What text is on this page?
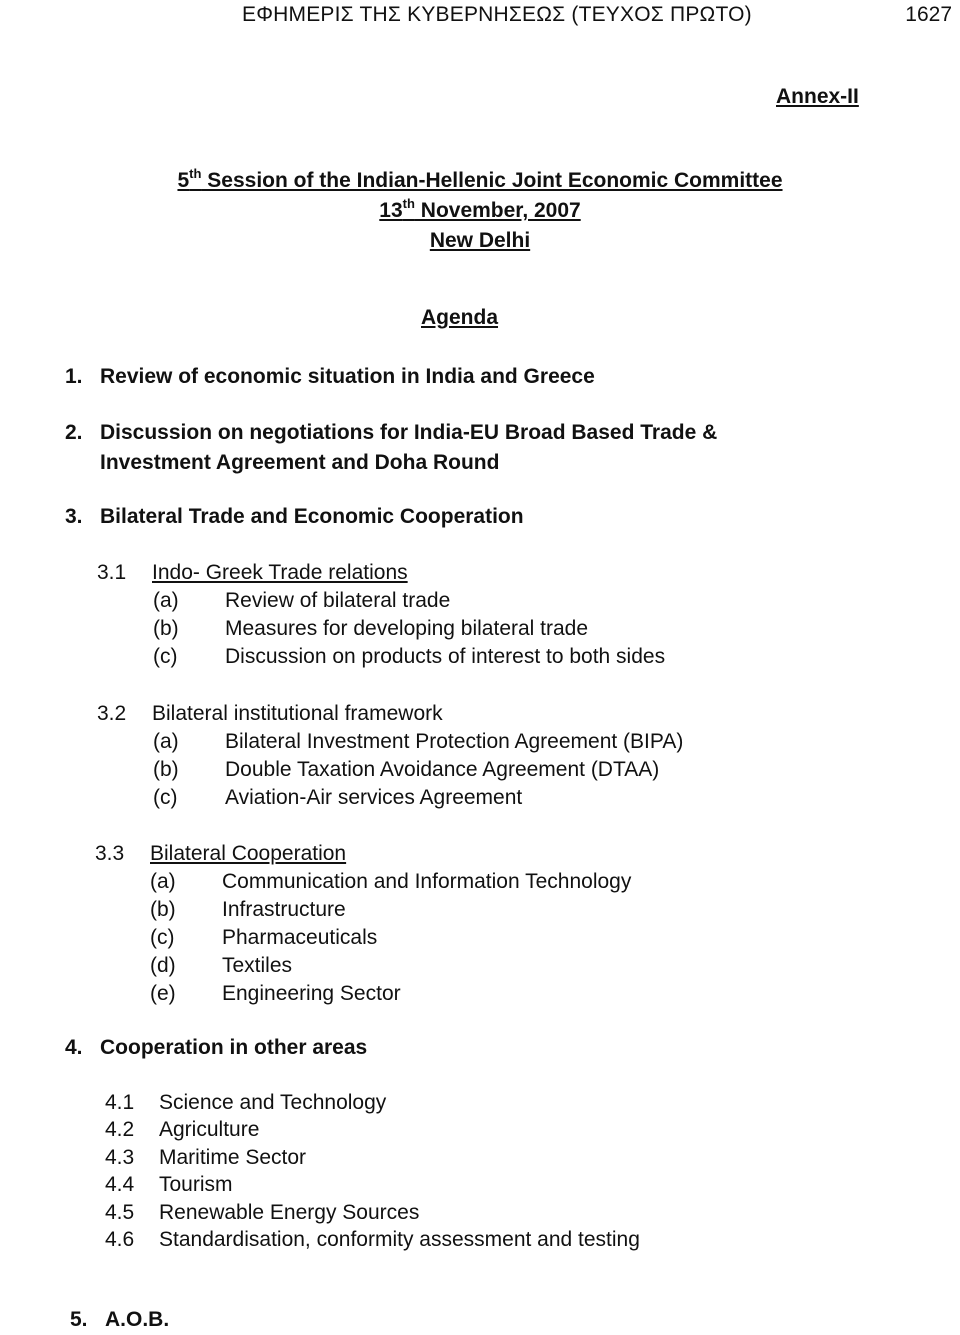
ΕΦΗΜΕΡΙΣ ΤΗΣ ΚΥΒΕΡΝΗΣΕΩΣ (ΤΕΥΧΟΣ ΠΡΩΤΟ)	1627
Annex-II
5th Session of the Indian-Hellenic Joint Economic Committee
13th November, 2007
New Delhi
Agenda
1. Review of economic situation in India and Greece
2. Discussion on negotiations for India-EU Broad Based Trade &
Investment Agreement and Doha Round
3. Bilateral Trade and Economic Cooperation
3.1 Indo- Greek Trade relations
(a) Review of bilateral trade
(b) Measures for developing bilateral trade
(c) Discussion on products of interest to both sides
3.2 Bilateral institutional framework
(a) Bilateral Investment Protection Agreement (BIPA)
(b) Double Taxation Avoidance Agreement (DTAA)
(c) Aviation-Air services Agreement
3.3 Bilateral Cooperation
(a) Communication and Information Technology
(b) Infrastructure
(c) Pharmaceuticals
(d) Textiles
(e) Engineering Sector
4. Cooperation in other areas
4.1 Science and Technology
4.2 Agriculture
4.3 Maritime Sector
4.4 Tourism
4.5 Renewable Energy Sources
4.6 Standardisation, conformity assessment and testing
5. A.O.B.
